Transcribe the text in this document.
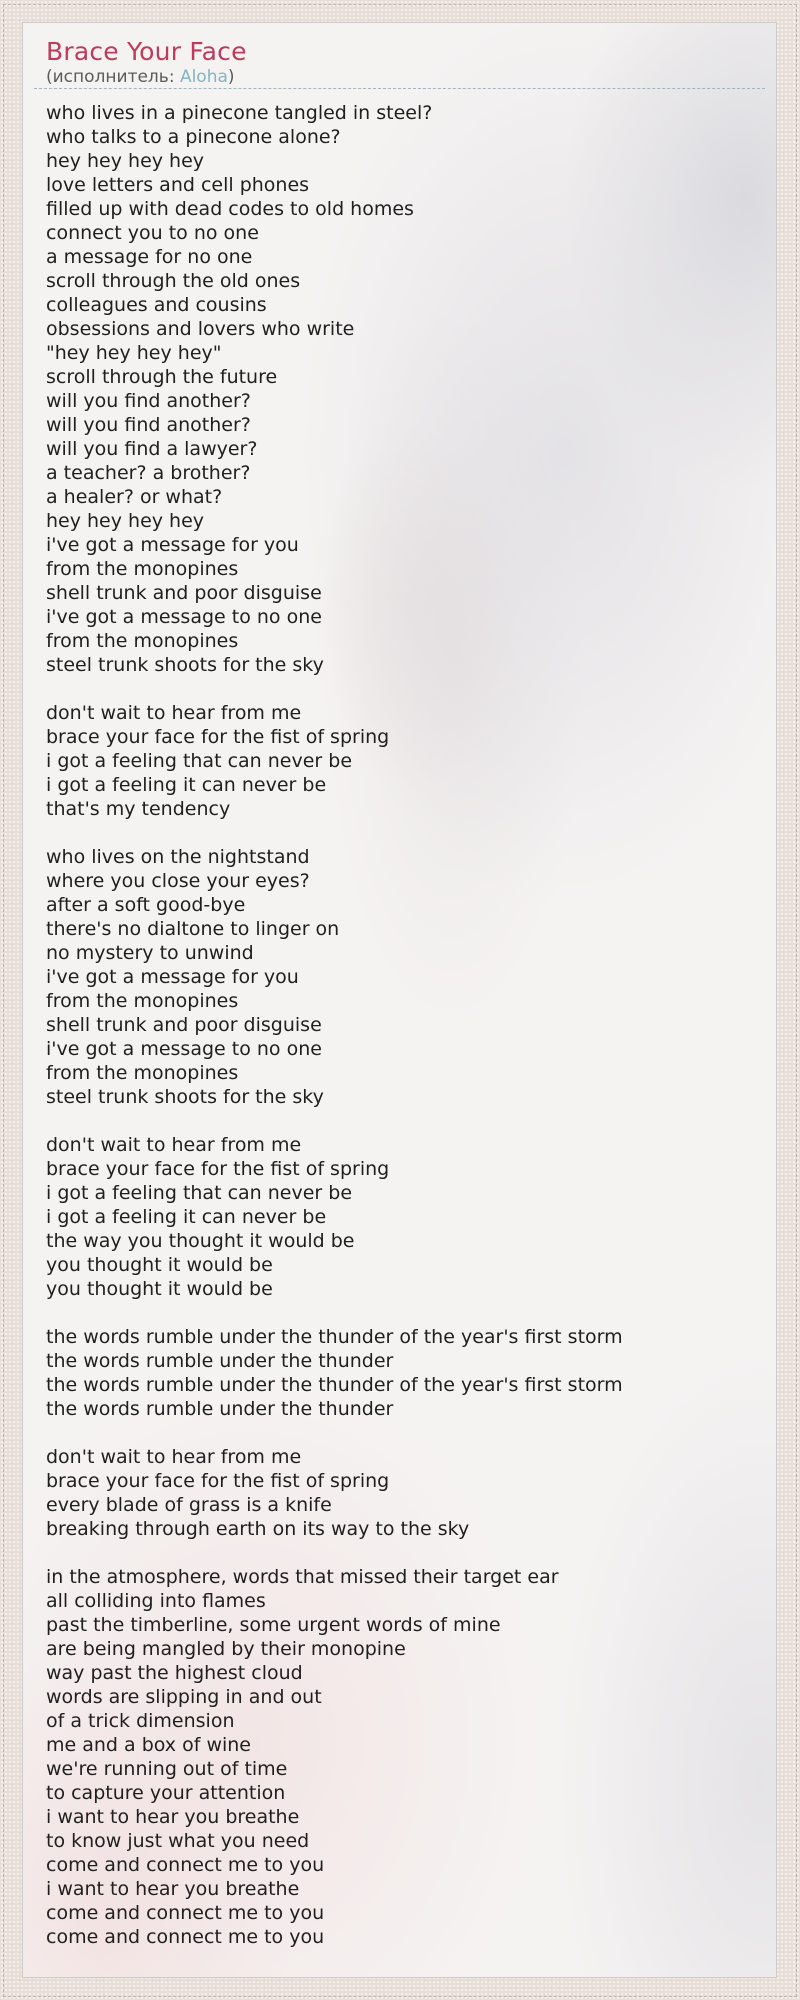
Brace Your Face
(исполнитель: Aloha)

who lives in a pinecone tangled in steel?

who talks to a pinecone alone?

hey hey hey hey

love letters and cell phones

filled up with dead codes to old homes

connect you to no one

a message for no one

scroll through the old ones

colleagues and cousins

obsessions and lovers who write

"hey hey hey hey"

scroll through the future

will you find another?

will you find another?

will you find a lawyer?

a teacher? a brother?

a healer? or what?

hey hey hey hey

i've got a message for you

from the monopines

shell trunk and poor disguise

i've got a message to no one

from the monopines

steel trunk shoots for the sky

don't wait to hear from me

brace your face for the fist of spring

i got a feeling that can never be

i got a feeling it can never be

that's my tendency

who lives on the nightstand

where you close your eyes?

after a soft good-bye

there's no dialtone to linger on

no mystery to unwind

i've got a message for you

from the monopines

shell trunk and poor disguise

i've got a message to no one

from the monopines

steel trunk shoots for the sky

don't wait to hear from me

brace your face for the fist of spring

i got a feeling that can never be

i got a feeling it can never be

the way you thought it would be

you thought it would be

you thought it would be

the words rumble under the thunder of the year's first storm

the words rumble under the thunder

the words rumble under the thunder of the year's first storm

the words rumble under the thunder

don't wait to hear from me

brace your face for the fist of spring

every blade of grass is a knife

breaking through earth on its way to the sky

in the atmosphere, words that missed their target ear

all colliding into flames

past the timberline, some urgent words of mine

are being mangled by their monopine

way past the highest cloud

words are slipping in and out

of a trick dimension

me and a box of wine

we're running out of time

to capture your attention

i want to hear you breathe

to know just what you need

come and connect me to you

i want to hear you breathe

come and connect me to you

come and connect me to you
